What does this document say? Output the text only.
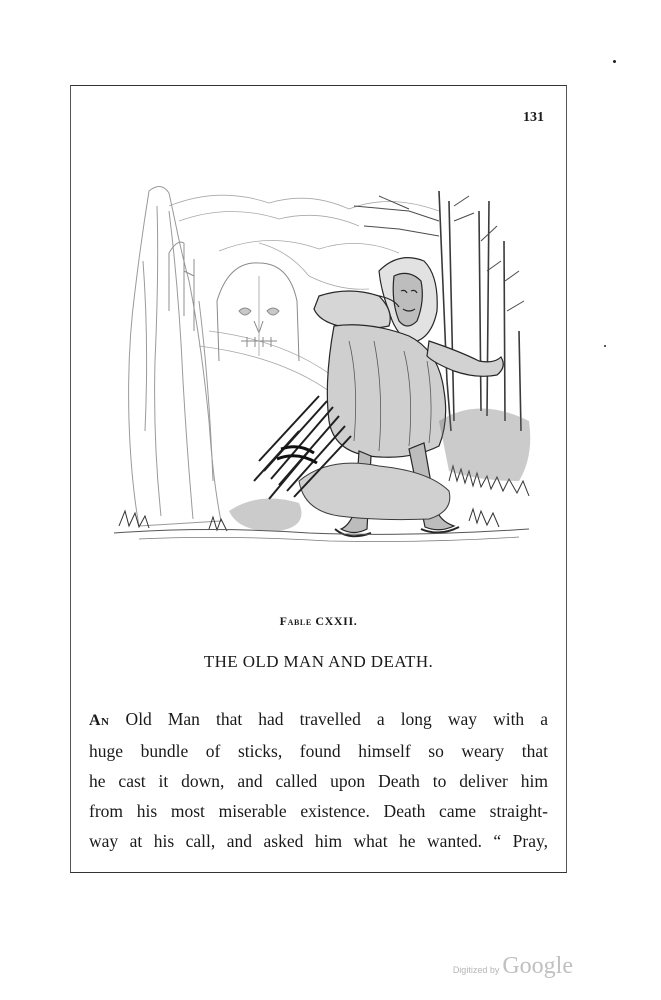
131
Fable CXXII.
THE OLD MAN AND DEATH.
An Old Man that had travelled a long way with a
huge bundle of sticks, found himself so weary that
he cast it down, and called upon Death to deliver him
from his most miserable existence. Death came straight-
way at his call, and asked him what he wanted. “ Pray,
Digitized by Google
